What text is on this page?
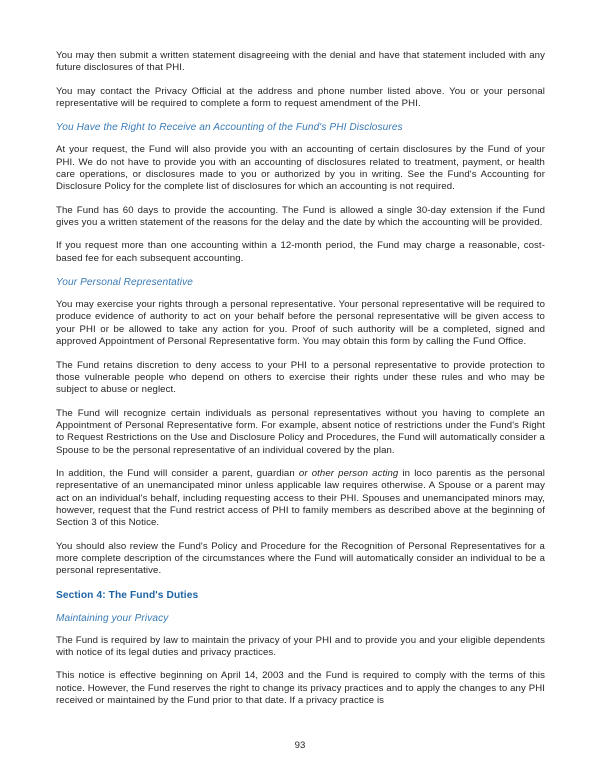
You may then submit a written statement disagreeing with the denial and have that statement included with any future disclosures of that PHI.

You may contact the Privacy Official at the address and phone number listed above. You or your personal representative will be required to complete a form to request amendment of the PHI.

You Have the Right to Receive an Accounting of the Fund's PHI Disclosures

At your request, the Fund will also provide you with an accounting of certain disclosures by the Fund of your PHI. We do not have to provide you with an accounting of disclosures related to treatment, payment, or health care operations, or disclosures made to you or authorized by you in writing. See the Fund's Accounting for Disclosure Policy for the complete list of disclosures for which an accounting is not required.

The Fund has 60 days to provide the accounting. The Fund is allowed a single 30-day extension if the Fund gives you a written statement of the reasons for the delay and the date by which the accounting will be provided.

If you request more than one accounting within a 12-month period, the Fund may charge a reasonable, cost-based fee for each subsequent accounting.

Your Personal Representative

You may exercise your rights through a personal representative. Your personal representative will be required to produce evidence of authority to act on your behalf before the personal representative will be given access to your PHI or be allowed to take any action for you. Proof of such authority will be a completed, signed and approved Appointment of Personal Representative form. You may obtain this form by calling the Fund Office.

The Fund retains discretion to deny access to your PHI to a personal representative to provide protection to those vulnerable people who depend on others to exercise their rights under these rules and who may be subject to abuse or neglect.

The Fund will recognize certain individuals as personal representatives without you having to complete an Appointment of Personal Representative form. For example, absent notice of restrictions under the Fund's Right to Request Restrictions on the Use and Disclosure Policy and Procedures, the Fund will automatically consider a Spouse to be the personal representative of an individual covered by the plan.

In addition, the Fund will consider a parent, guardian or other person acting in loco parentis as the personal representative of an unemancipated minor unless applicable law requires otherwise. A Spouse or a parent may act on an individual's behalf, including requesting access to their PHI. Spouses and unemancipated minors may, however, request that the Fund restrict access of PHI to family members as described above at the beginning of Section 3 of this Notice.

You should also review the Fund's Policy and Procedure for the Recognition of Personal Representatives for a more complete description of the circumstances where the Fund will automatically consider an individual to be a personal representative.

Section 4: The Fund's Duties
Maintaining your Privacy

The Fund is required by law to maintain the privacy of your PHI and to provide you and your eligible dependents with notice of its legal duties and privacy practices.

This notice is effective beginning on April 14, 2003 and the Fund is required to comply with the terms of this notice. However, the Fund reserves the right to change its privacy practices and to apply the changes to any PHI received or maintained by the Fund prior to that date. If a privacy practice is

93
